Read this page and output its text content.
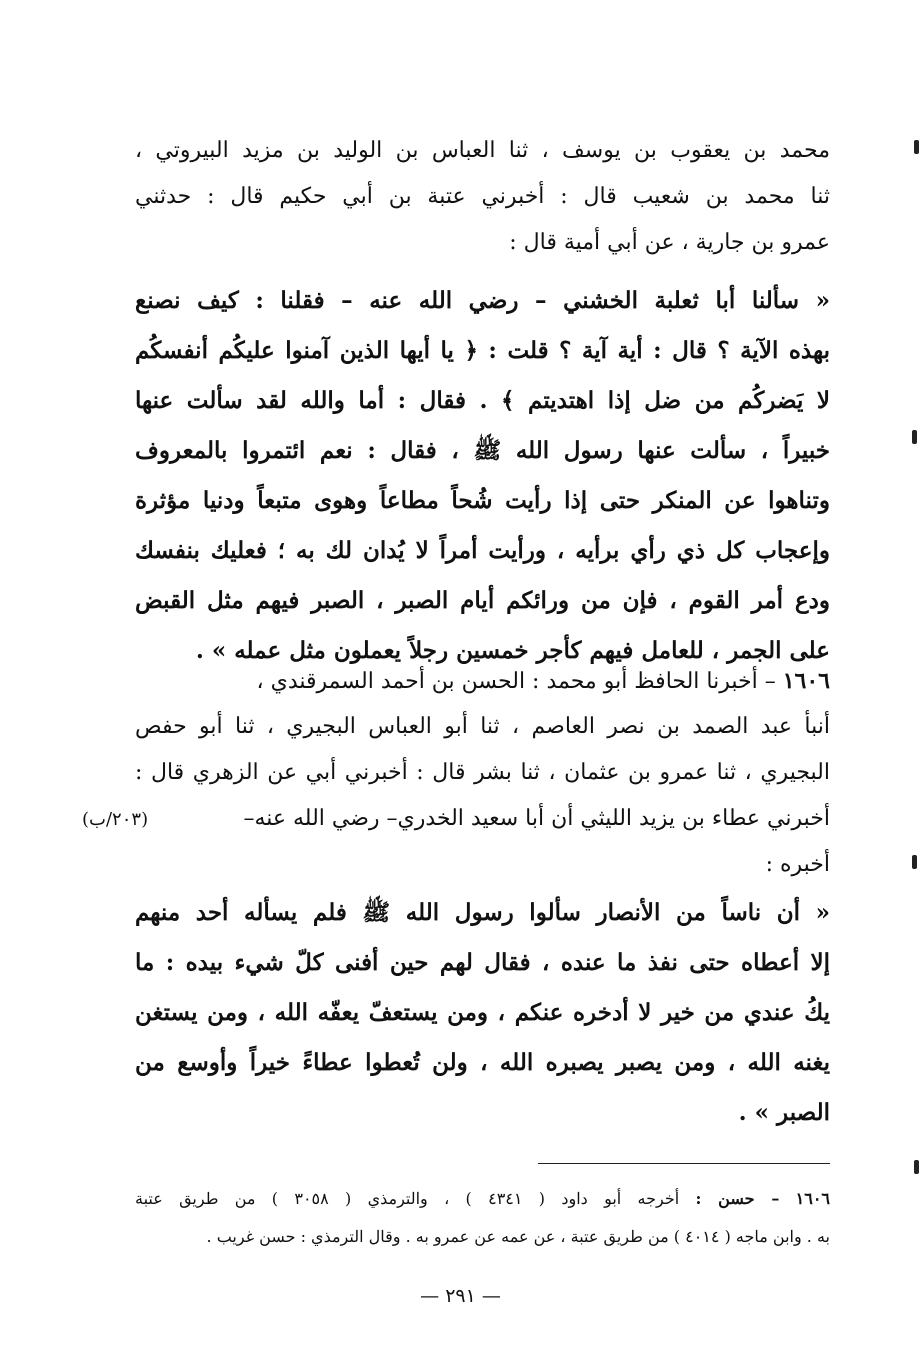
محمد بن يعقوب بن يوسف ، ثنا العباس بن الوليد بن مزيد البيروتي ،
ثنا محمد بن شعيب قال : أخبرني عتبة بن أبي حكيم قال : حدثني
عمرو بن جارية ، عن أبي أمية قال :
« سألنا أبا ثعلبة الخشني – رضي الله عنه – فقلنا : كيف نصنع
بهذه الآية ؟ قال : أية آية ؟ قلت : ﴿ يا أيها الذين آمنوا عليكُم أنفسكُم
لا يَضركُم من ضل إذا اهتديتم ﴾ . فقال : أما والله لقد سألت عنها
خبيراً ، سألت عنها رسول الله ﷺ ، فقال : نعم ائتمروا بالمعروف
وتناهوا عن المنكر حتى إذا رأيت شُحاً مطاعاً وهوى متبعاً ودنيا مؤثرة
وإعجاب كل ذي رأي برأيه ، ورأيت أمراً لا يُدان لك به ؛ فعليك بنفسك
ودع أمر القوم ، فإن من ورائكم أيام الصبر ، الصبر فيهم مثل القبض
على الجمر ، للعامل فيهم كأجر خمسين رجلاً يعملون مثل عمله » .
١٦٠٦ – أخبرنا الحافظ أبو محمد : الحسن بن أحمد السمرقندي ،
أنبأ عبد الصمد بن نصر العاصم ، ثنا أبو العباس البجيري ، ثنا أبو حفص
البجيري ، ثنا عمرو بن عثمان ، ثنا بشر قال : أخبرني أبي عن الزهري قال :
أخبرني عطاء بن يزيد الليثي أن أبا سعيد الخدري– رضي الله عنه–
أخبره :
(٢٠٣/ب)
« أن ناساً من الأنصار سألوا رسول الله ﷺ فلم يسأله أحد منهم
إلا أعطاه حتى نفذ ما عنده ، فقال لهم حين أفنى كلّ شيء بيده : ما
يكُ عندي من خير لا أدخره عنكم ، ومن يستعفّ يعفّه الله ، ومن يستغن
يغنه الله ، ومن يصبر يصبره الله ، ولن تُعطوا عطاءً خيراً وأوسع من
الصبر » .
١٦٠٦ – حسن : أخرجه أبو داود ( ٤٣٤١ ) ، والترمذي ( ٣٠٥٨ ) من طريق عتبة
به . وابن ماجه ( ٤٠١٤ ) من طريق عتبة ، عن عمه عن عمرو به . وقال الترمذي : حسن غريب .
— ٢٩١ —
